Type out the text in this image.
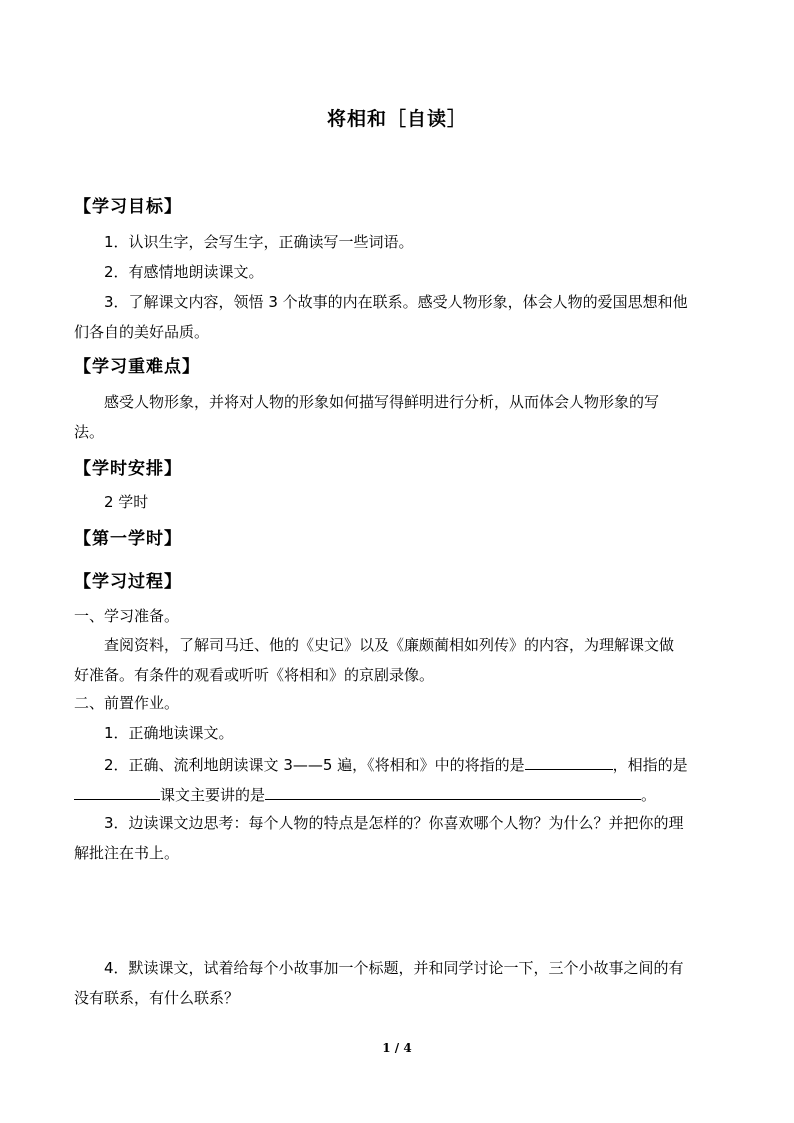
将相和［自读］
【学习目标】
1．认识生字，会写生字，正确读写一些词语。
2．有感情地朗读课文。
3．了解课文内容，领悟 3 个故事的内在联系。感受人物形象，体会人物的爱国思想和他
们各自的美好品质。
【学习重难点】
感受人物形象，并将对人物的形象如何描写得鲜明进行分析，从而体会人物形象的写
法。
【学时安排】
2 学时
【第一学时】
【学习过程】
一、学习准备。
查阅资料，了解司马迁、他的《史记》以及《廉颇蔺相如列传》的内容，为理解课文做
好准备。有条件的观看或听听《将相和》的京剧录像。
二、前置作业。
1．正确地读课文。
2．正确、流利地朗读课文 3——5 遍，《将相和》中的将指的是	，相指的是
课文主要讲的是	。
3．边读课文边思考：每个人物的特点是怎样的？你喜欢哪个人物？为什么？并把你的理
解批注在书上。
4．默读课文，试着给每个小故事加一个标题，并和同学讨论一下，三个小故事之间的有
没有联系，有什么联系？
1 / 4
